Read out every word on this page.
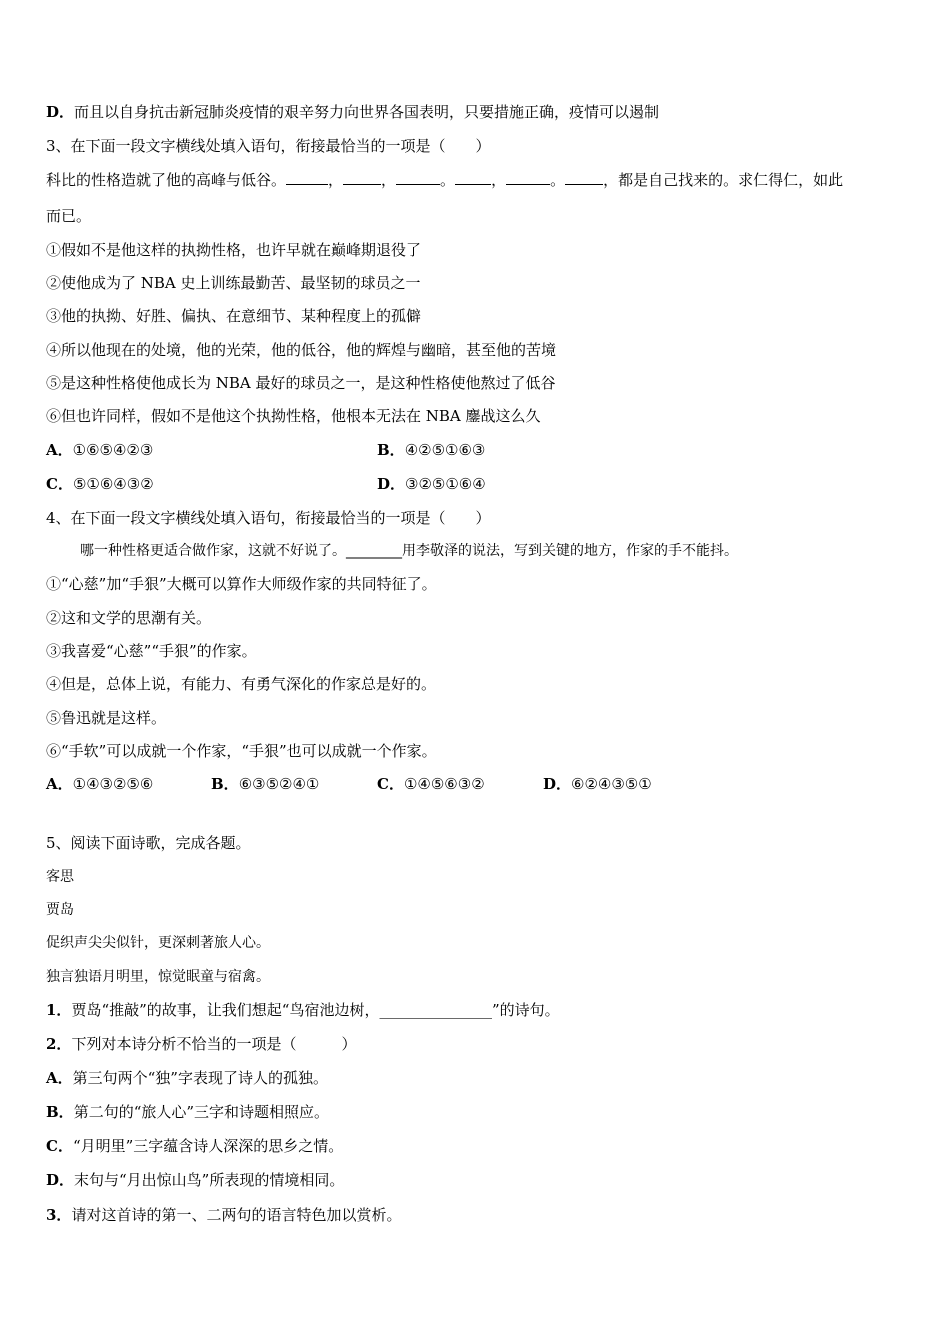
D．而且以自身抗击新冠肺炎疫情的艰辛努力向世界各国表明，只要措施正确，疫情可以遏制
3、在下面一段文字横线处填入语句，衔接最恰当的一项是（　　）
科比的性格造就了他的高峰与低谷。	，	，	。 ，	。	，都是自己找来的。求仁得仁，如此
而已。
①假如不是他这样的执拗性格，也许早就在巅峰期退役了
②使他成为了 NBA 史上训练最勤苦、最坚韧的球员之一
③他的执拗、好胜、偏执、在意细节、某种程度上的孤僻
④所以他现在的处境，他的光荣，他的低谷，他的辉煌与幽暗，甚至他的苦境
⑤是这种性格使他成长为 NBA 最好的球员之一，是这种性格使他熬过了低谷
⑥但也许同样，假如不是他这个执拗性格，他根本无法在 NBA 鏖战这么久
A．①⑥⑤④②③	B．④②⑤①⑥③
C．⑤①⑥④③②	D．③②⑤①⑥④
4、在下面一段文字横线处填入语句，衔接最恰当的一项是（　　）
哪一种性格更适合做作家，这就不好说了。________用李敬泽的说法，写到关键的地方，作家的手不能抖。
①“心慈”加“手狠”大概可以算作大师级作家的共同特征了。
②这和文学的思潮有关。
③我喜爱“心慈”“手狠”的作家。
④但是，总体上说，有能力、有勇气深化的作家总是好的。
⑤鲁迅就是这样。
⑥“手软”可以成就一个作家，“手狠”也可以成就一个作家。
A．①④③②⑤⑥	B．⑥③⑤②④①	C．①④⑤⑥③②	D．⑥②④③⑤①
5、阅读下面诗歌，完成各题。
客思
贾岛
促织声尖尖似针，更深刺著旅人心。
独言独语月明里，惊觉眠童与宿禽。
1．贾岛“推敲”的故事，让我们想起“鸟宿池边树，_______________”的诗句。
2．下列对本诗分析不恰当的一项是（　　　）
A．第三句两个“独”字表现了诗人的孤独。
B．第二句的“旅人心”三字和诗题相照应。
C．“月明里”三字蕴含诗人深深的思乡之情。
D．末句与“月出惊山鸟”所表现的情境相同。
3．请对这首诗的第一、二两句的语言特色加以赏析。
